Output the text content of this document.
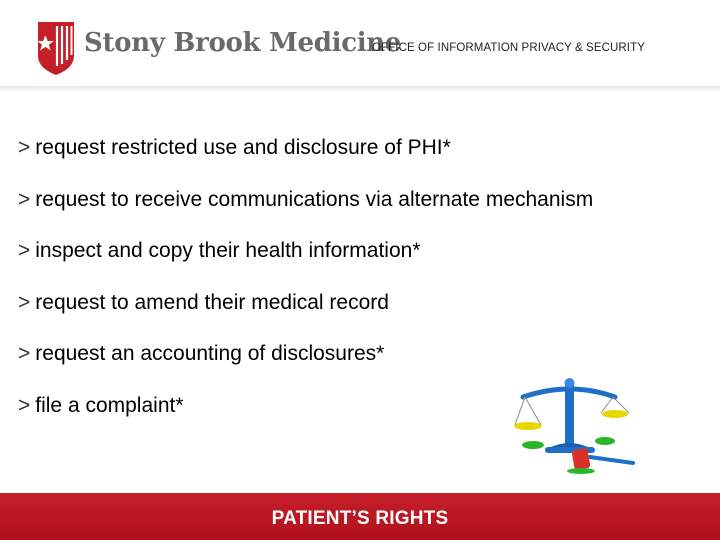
Stony Brook Medicine
OFFICE OF INFORMATION PRIVACY & SECURITY
> request restricted use and disclosure of PHI*
> request to receive communications via alternate mechanism
> inspect and copy their health information*
> request to amend their medical record
> request an accounting of disclosures*
> file a complaint*
PATIENT’S RIGHTS
